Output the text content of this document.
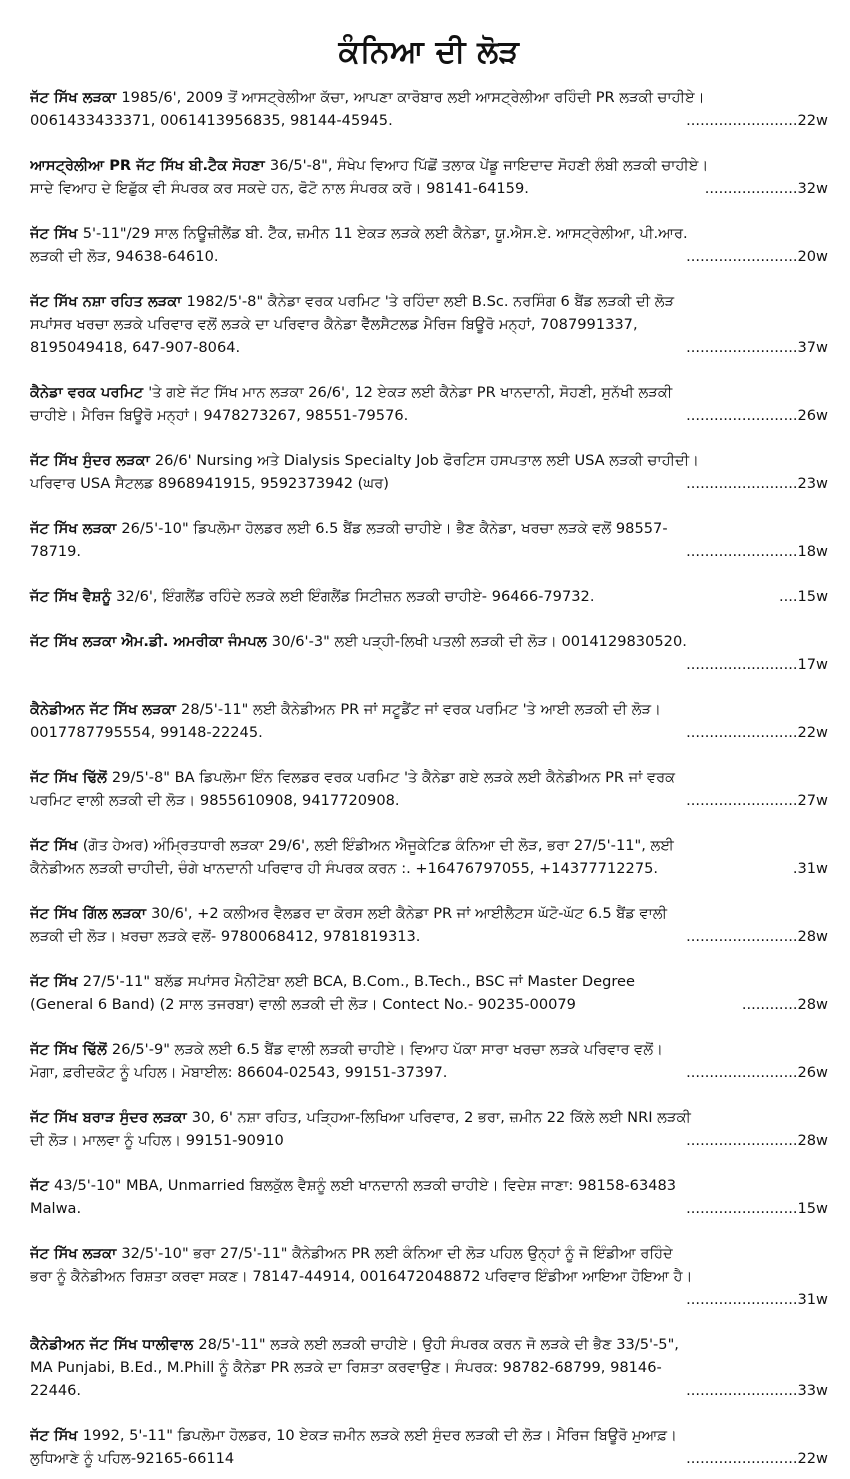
ਕੰਨਿਆ ਦੀ ਲੋੜ
ਜੱਟ ਸਿੱਖ ਲੜਕਾ 1985/6', 2009 ਤੋਂ ਆਸਟ੍ਰੇਲੀਆ ਕੱਚਾ, ਆਪਣਾ ਕਾਰੋਬਾਰ ਲਈ ਆਸਟ੍ਰੇਲੀਆ ਰਹਿੰਦੀ PR ਲੜਕੀ ਚਾਹੀਏ।
0061433433371, 0061413956835, 98144-45945.	........................22w
ਆਸਟ੍ਰੇਲੀਆ PR ਜੱਟ ਸਿੱਖ ਬੀ.ਟੈਕ ਸੋਹਣਾ 36/5'-8", ਸੰਖੇਪ ਵਿਆਹ ਪਿੱਛੋਂ ਤਲਾਕ ਪੇਂਡੂ ਜਾਇਦਾਦ ਸੋਹਣੀ ਲੰਬੀ ਲੜਕੀ ਚਾਹੀਏ।
ਸਾਦੇ ਵਿਆਹ ਦੇ ਇਛੁੱਕ ਵੀ ਸੰਪਰਕ ਕਰ ਸਕਦੇ ਹਨ, ਫੋਟੋ ਨਾਲ ਸੰਪਰਕ ਕਰੋ। 98141-64159.	....................32w
ਜੱਟ ਸਿੱਖ 5'-11"/29 ਸਾਲ ਨਿਊਜ਼ੀਲੈਂਡ ਬੀ. ਟੈੱਕ, ਜ਼ਮੀਨ 11 ਏਕੜ ਲੜਕੇ ਲਈ ਕੈਨੇਡਾ, ਯੂ.ਐਸ.ਏ. ਆਸਟ੍ਰੇਲੀਆ, ਪੀ.ਆਰ.
ਲੜਕੀ ਦੀ ਲੋੜ, 94638-64610.	........................20w
ਜੱਟ ਸਿੱਖ ਨਸ਼ਾ ਰਹਿਤ ਲੜਕਾ 1982/5'-8" ਕੈਨੇਡਾ ਵਰਕ ਪਰਮਿਟ 'ਤੇ ਰਹਿੰਦਾ ਲਈ B.Sc. ਨਰਸਿੰਗ 6 ਬੈਂਡ ਲੜਕੀ ਦੀ ਲੋੜ
ਸਪਾਂਸਰ ਖਰਚਾ ਲੜਕੇ ਪਰਿਵਾਰ ਵਲੋਂ ਲੜਕੇ ਦਾ ਪਰਿਵਾਰ ਕੈਨੇਡਾ ਵੈੱਲਸੈਟਲਡ ਮੈਰਿਜ ਬਿਊਰੋ ਮਨ੍ਹਾਂ, 7087991337,
8195049418, 647-907-8064.	........................37w
ਕੈਨੇਡਾ ਵਰਕ ਪਰਮਿਟ 'ਤੇ ਗਏ ਜੱਟ ਸਿੱਖ ਮਾਨ ਲੜਕਾ 26/6', 12 ਏਕੜ ਲਈ ਕੈਨੇਡਾ PR ਖਾਨਦਾਨੀ, ਸੋਹਣੀ, ਸੁਨੱਖੀ ਲੜਕੀ
ਚਾਹੀਏ। ਮੈਰਿਜ ਬਿਊਰੋ ਮਨ੍ਹਾਂ। 9478273267, 98551-79576.	........................26w
ਜੱਟ ਸਿੱਖ ਸੁੰਦਰ ਲੜਕਾ 26/6' Nursing ਅਤੇ Dialysis Specialty Job ਫੋਰਟਿਸ ਹਸਪਤਾਲ ਲਈ USA ਲੜਕੀ ਚਾਹੀਦੀ।
ਪਰਿਵਾਰ USA ਸੈਟਲਡ 8968941915, 9592373942 (ਘਰ)	........................23w
ਜੱਟ ਸਿੱਖ ਲੜਕਾ 26/5'-10" ਡਿਪਲੋਮਾ ਹੋਲਡਰ ਲਈ 6.5 ਬੈਂਡ ਲੜਕੀ ਚਾਹੀਏ। ਭੈਣ ਕੈਨੇਡਾ, ਖਰਚਾ ਲੜਕੇ ਵਲੋਂ 98557-
78719.	........................18w
ਜੱਟ ਸਿੱਖ ਵੈਸ਼ਨੂੰ 32/6', ਇੰਗਲੈਂਡ ਰਹਿੰਦੇ ਲੜਕੇ ਲਈ ਇੰਗਲੈਂਡ ਸਿਟੀਜ਼ਨ ਲੜਕੀ ਚਾਹੀਏ- 96466-79732.	....15w
ਜੱਟ ਸਿੱਖ ਲੜਕਾ ਐਮ.ਡੀ. ਅਮਰੀਕਾ ਜੰਮਪਲ 30/6'-3" ਲਈ ਪੜ੍ਹੀ-ਲਿਖੀ ਪਤਲੀ ਲੜਕੀ ਦੀ ਲੋੜ। 0014129830520.
........................17w
ਕੈਨੇਡੀਅਨ ਜੱਟ ਸਿੱਖ ਲੜਕਾ 28/5'-11" ਲਈ ਕੈਨੇਡੀਅਨ PR ਜਾਂ ਸਟੂਡੈਂਟ ਜਾਂ ਵਰਕ ਪਰਮਿਟ 'ਤੇ ਆਈ ਲੜਕੀ ਦੀ ਲੋੜ।
0017787795554, 99148-22245.	........................22w
ਜੱਟ ਸਿੱਖ ਢਿੱਲੋਂ 29/5'-8" BA ਡਿਪਲੋਮਾ ਇੰਨ ਵਿਲਡਰ ਵਰਕ ਪਰਮਿਟ 'ਤੇ ਕੈਨੇਡਾ ਗਏ ਲੜਕੇ ਲਈ ਕੈਨੇਡੀਅਨ PR ਜਾਂ ਵਰਕ
ਪਰਮਿਟ ਵਾਲੀ ਲੜਕੀ ਦੀ ਲੋੜ। 9855610908, 9417720908.	........................27w
ਜੱਟ ਸਿੱਖ (ਗੋਤ ਹੇਅਰ) ਅੰਮ੍ਰਿਤਧਾਰੀ ਲੜਕਾ 29/6', ਲਈ ਇੰਡੀਅਨ ਐਜੂਕੇਟਿਡ ਕੰਨਿਆ ਦੀ ਲੋੜ, ਭਰਾ 27/5'-11", ਲਈ
ਕੈਨੇਡੀਅਨ ਲੜਕੀ ਚਾਹੀਦੀ, ਚੰਗੇ ਖਾਨਦਾਨੀ ਪਰਿਵਾਰ ਹੀ ਸੰਪਰਕ ਕਰਨ :. +16476797055, +14377712275.	.31w
ਜੱਟ ਸਿੱਖ ਗਿੱਲ ਲੜਕਾ 30/6', +2 ਕਲੀਅਰ ਵੈਲਡਰ ਦਾ ਕੋਰਸ ਲਈ ਕੈਨੇਡਾ PR ਜਾਂ ਆਈਲੈਟਸ ਘੱਟੋ-ਘੱਟ 6.5 ਬੈਂਡ ਵਾਲੀ
ਲੜਕੀ ਦੀ ਲੋੜ। ਖ਼ਰਚਾ ਲੜਕੇ ਵਲੋਂ- 9780068412, 9781819313.	........................28w
ਜੱਟ ਸਿੱਖ 27/5'-11" ਬਲੱਡ ਸਪਾਂਸਰ ਮੈਨੀਟੋਬਾ ਲਈ BCA, B.Com., B.Tech., BSC ਜਾਂ Master Degree
(General 6 Band) (2 ਸਾਲ ਤਜਰਬਾ) ਵਾਲੀ ਲੜਕੀ ਦੀ ਲੋੜ। Contect No.- 90235-00079	............28w
ਜੱਟ ਸਿੱਖ ਢਿੱਲੋਂ 26/5'-9" ਲੜਕੇ ਲਈ 6.5 ਬੈਂਡ ਵਾਲੀ ਲੜਕੀ ਚਾਹੀਏ। ਵਿਆਹ ਪੱਕਾ ਸਾਰਾ ਖਰਚਾ ਲੜਕੇ ਪਰਿਵਾਰ ਵਲੋਂ।
ਮੋਗਾ, ਫ਼ਰੀਦਕੋਟ ਨੂੰ ਪਹਿਲ। ਮੋਬਾਈਲ: 86604-02543, 99151-37397.	........................26w
ਜੱਟ ਸਿੱਖ ਬਰਾੜ ਸੁੰਦਰ ਲੜਕਾ 30, 6' ਨਸ਼ਾ ਰਹਿਤ, ਪੜ੍ਹਿਆ-ਲਿਖਿਆ ਪਰਿਵਾਰ, 2 ਭਰਾ, ਜ਼ਮੀਨ 22 ਕਿੱਲੇ ਲਈ NRI ਲੜਕੀ
ਦੀ ਲੋੜ। ਮਾਲਵਾ ਨੂੰ ਪਹਿਲ। 99151-90910	........................28w
ਜੱਟ 43/5'-10" MBA, Unmarried ਬਿਲਕੁੱਲ ਵੈਸ਼ਨੂੰ ਲਈ ਖਾਨਦਾਨੀ ਲੜਕੀ ਚਾਹੀਏ। ਵਿਦੇਸ਼ ਜਾਣਾ: 98158-63483
Malwa.	........................15w
ਜੱਟ ਸਿੱਖ ਲੜਕਾ 32/5'-10" ਭਰਾ 27/5'-11" ਕੈਨੇਡੀਅਨ PR ਲਈ ਕੰਨਿਆ ਦੀ ਲੋੜ ਪਹਿਲ ਉਨ੍ਹਾਂ ਨੂੰ ਜੋ ਇੰਡੀਆ ਰਹਿੰਦੇ
ਭਰਾ ਨੂੰ ਕੈਨੇਡੀਅਨ ਰਿਸ਼ਤਾ ਕਰਵਾ ਸਕਣ। 78147-44914, 0016472048872 ਪਰਿਵਾਰ ਇੰਡੀਆ ਆਇਆ ਹੋਇਆ ਹੈ।
........................31w
ਕੈਨੇਡੀਅਨ ਜੱਟ ਸਿੱਖ ਧਾਲੀਵਾਲ 28/5'-11" ਲੜਕੇ ਲਈ ਲੜਕੀ ਚਾਹੀਏ। ਉਹੀ ਸੰਪਰਕ ਕਰਨ ਜੋ ਲੜਕੇ ਦੀ ਭੈਣ 33/5'-5",
MA Punjabi, B.Ed., M.Phill ਨੂੰ ਕੈਨੇਡਾ PR ਲੜਕੇ ਦਾ ਰਿਸ਼ਤਾ ਕਰਵਾਉਣ। ਸੰਪਰਕ: 98782-68799, 98146-
22446.	........................33w
ਜੱਟ ਸਿੱਖ 1992, 5'-11" ਡਿਪਲੋਮਾ ਹੋਲਡਰ, 10 ਏਕੜ ਜ਼ਮੀਨ ਲੜਕੇ ਲਈ ਸੁੰਦਰ ਲੜਕੀ ਦੀ ਲੋੜ। ਮੈਰਿਜ ਬਿਊਰੋ ਮੁਆਫ਼।
ਲੁਧਿਆਣੇ ਨੂੰ ਪਹਿਲ-92165-66114	........................22w
